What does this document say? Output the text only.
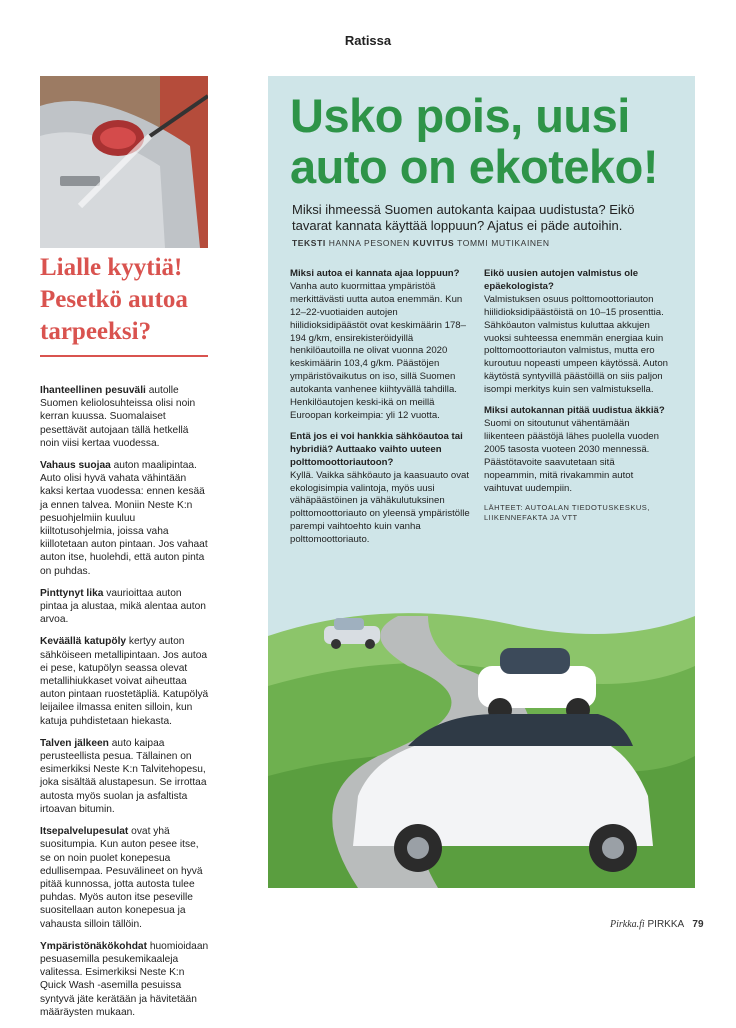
Ratissa
Lialle kyytiä! Pesetkö autoa tarpeeksi?

Ihanteellinen pesuväli autolle Suomen keliolosuhteissa olisi noin kerran kuussa. Suomalaiset pesettävät autojaan tällä hetkellä noin viisi kertaa vuodessa.

Vahaus suojaa auton maalipintaa. Auto olisi hyvä vahata vähintään kaksi kertaa vuodessa: ennen kesää ja ennen talvea. Moniin Neste K:n pesuohjelmiin kuuluu kiiltotusohjelmia, joissa vaha kiillotetaan auton pintaan. Jos vahaat auton itse, huolehdi, että auton pinta on puhdas.

Pinttynyt lika vaurioittaa auton pintaa ja alustaa, mikä alentaa auton arvoa.

Keväällä katupöly kertyy auton sähköiseen metallipintaan. Jos autoa ei pese, katupölyn seassa olevat metallihiukkaset voivat aiheuttaa auton pintaan ruostetäpliä. Katupölyä leijailee ilmassa eniten silloin, kun katuja puhdistetaan hiekasta.

Talven jälkeen auto kaipaa perusteellista pesua. Tällainen on esimerkiksi Neste K:n Talvitehopesu, joka sisältää alustapesun. Se irrottaa autosta myös suolan ja asfaltista irtoavan bitumin.

Itsepalvelupesulat ovat yhä suositumpia. Kun auton pesee itse, se on noin puolet konepesua edullisempaa. Pesuvälineet on hyvä pitää kunnossa, jotta autosta tulee puhdas. Myös auton itse peseville suositellaan auton konepesua ja vahausta silloin tällöin.

Ympäristönäkökohdat huomioidaan pesuasemilla pesukemikaaleja valitessa. Esimerkiksi Neste K:n Quick Wash -asemilla pesuissa syntyvä jäte kerätään ja hävitetään määräysten mukaan.

Usko pois, uusi auto on ekoteko!
Miksi ihmeessä Suomen autokanta kaipaa uudistusta? Eikö tavarat kannata käyttää loppuun? Ajatus ei päde autoihin.
TEKSTI HANNA PESONEN KUVITUS TOMMI MUTIKAINEN

Miksi autoa ei kannata ajaa loppuun?

Vanha auto kuormittaa ympäristöä merkittävästi uutta autoa enemmän. Kun 12–22-vuotiaiden autojen hiilidioksidipäästöt ovat keskimäärin 178–194 g/km, ensirekisteröidyillä henkilöautoilla ne olivat vuonna 2020 keskimäärin 103,4 g/km. Päästöjen ympäristövaikutus on iso, sillä Suomen autokanta vanhenee kiihtyvällä tahdilla. Henkilöautojen keski-ikä on meillä Euroopan korkeimpia: yli 12 vuotta.

Entä jos ei voi hankkia sähköautoa tai hybridiä? Auttaako vaihto uuteen polttomoottoriautoon?

Kyllä. Vaikka sähköauto ja kaasuauto ovat ekologisimpia valintoja, myös uusi vähäpäästöinen ja vähäkulutuksinen polttomoottoriauto on yleensä ympäristölle parempi vaihtoehto kuin vanha polttomoottoriauto.

Eikö uusien autojen valmistus ole epäekologista?

Valmistuksen osuus polttomoottoriauton hiilidioksidipäästöistä on 10–15 prosenttia. Sähköauton valmistus kuluttaa akkujen vuoksi suhteessa enemmän energiaa kuin polttomoottoriauton valmistus, mutta ero kuroutuu nopeasti umpeen käytössä. Auton käytöstä syntyvillä päästöillä on siis paljon isompi merkitys kuin sen valmistuksella.

Miksi autokannan pitää uudistua äkkiä?

Suomi on sitoutunut vähentämään liikenteen päästöjä lähes puolella vuoden 2005 tasosta vuoteen 2030 mennessä. Päästötavoite saavutetaan sitä nopeammin, mitä rivakammin autot vaihtuvat uudempiin.

LÄHTEET: AUTOALAN TIEDOTUSKESKUS, LIIKENNEFAKTA JA VTT
Pirkka.fi PIRKKA 79
